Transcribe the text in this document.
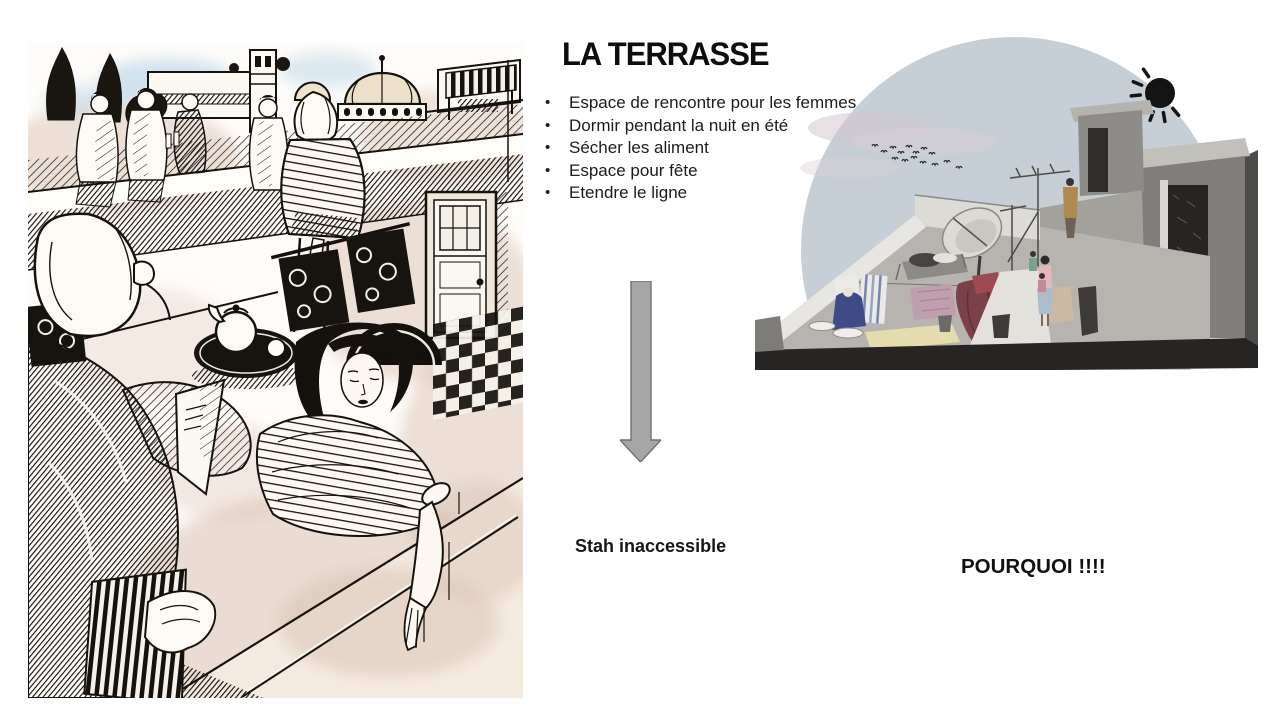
LA TERRASSE
• Espace de rencontre pour les femmes
• Dormir pendant la nuit en été
• Sécher les aliment
• Espace pour fête
• Etendre le ligne
Stah inaccessible
POURQUOI !!!!
